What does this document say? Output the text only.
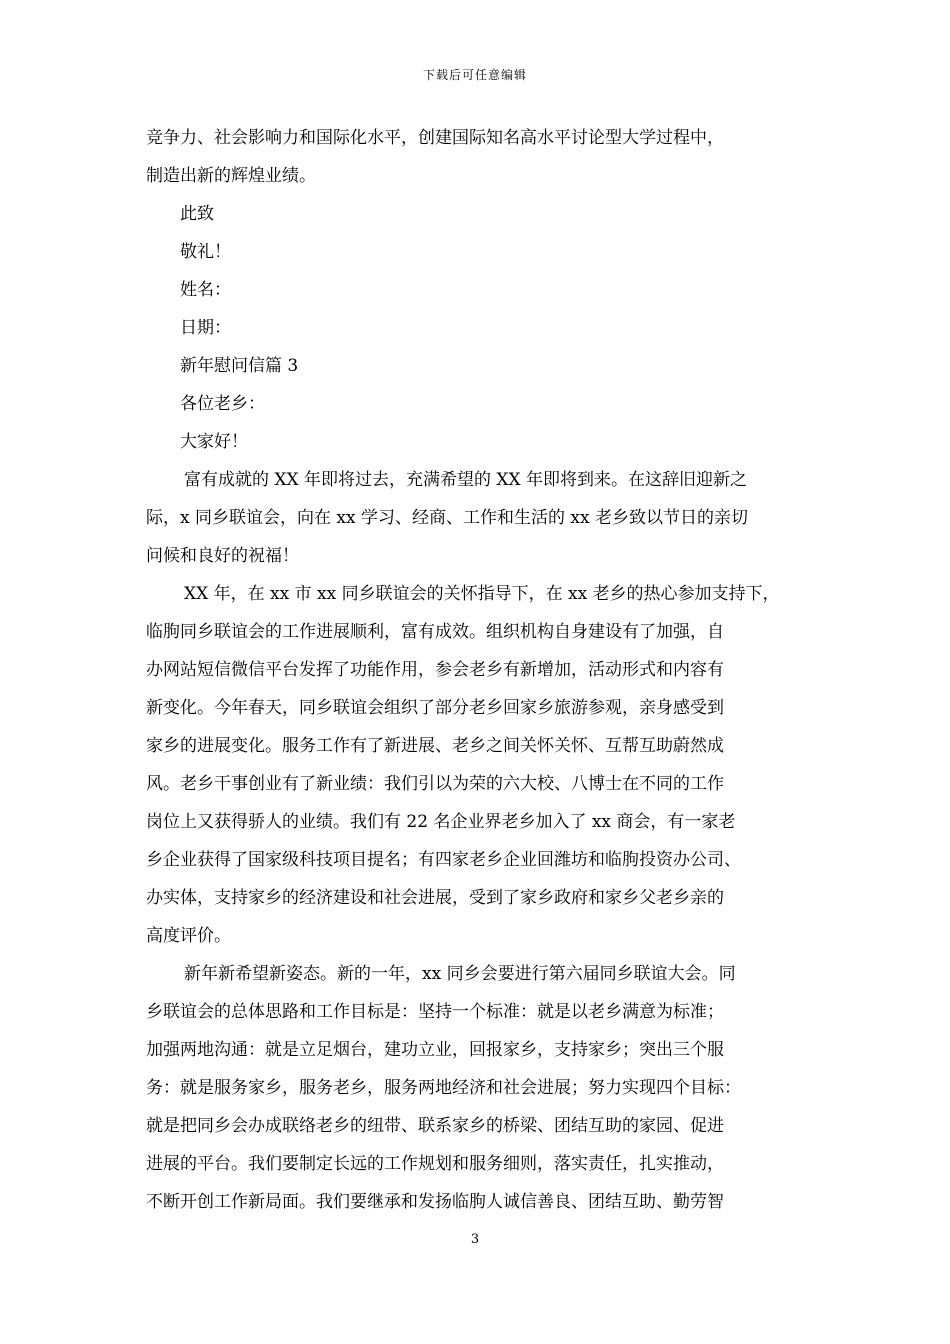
下载后可任意编辑
竞争力、社会影响力和国际化水平，创建国际知名高水平讨论型大学过程中，
制造出新的辉煌业绩。
此致
敬礼！
姓名：
日期：
新年慰问信篇 3
各位老乡：
大家好！
富有成就的 XX 年即将过去，充满希望的 XX 年即将到来。在这辞旧迎新之
际，x 同乡联谊会，向在 xx 学习、经商、工作和生活的 xx 老乡致以节日的亲切
问候和良好的祝福！
XX 年，在 xx 市 xx 同乡联谊会的关怀指导下，在 xx 老乡的热心参加支持下，
临朐同乡联谊会的工作进展顺利，富有成效。组织机构自身建设有了加强，自
办网站短信微信平台发挥了功能作用，参会老乡有新增加，活动形式和内容有
新变化。今年春天，同乡联谊会组织了部分老乡回家乡旅游参观，亲身感受到
家乡的进展变化。服务工作有了新进展、老乡之间关怀关怀、互帮互助蔚然成
风。老乡干事创业有了新业绩：我们引以为荣的六大校、八博士在不同的工作
岗位上又获得骄人的业绩。我们有 22 名企业界老乡加入了 xx 商会，有一家老
乡企业获得了国家级科技项目提名；有四家老乡企业回潍坊和临朐投资办公司、
办实体，支持家乡的经济建设和社会进展，受到了家乡政府和家乡父老乡亲的
高度评价。
新年新希望新姿态。新的一年，xx 同乡会要进行第六届同乡联谊大会。同
乡联谊会的总体思路和工作目标是：坚持一个标准：就是以老乡满意为标准；
加强两地沟通：就是立足烟台，建功立业，回报家乡，支持家乡；突出三个服
务：就是服务家乡，服务老乡，服务两地经济和社会进展；努力实现四个目标：
就是把同乡会办成联络老乡的纽带、联系家乡的桥梁、团结互助的家园、促进
进展的平台。我们要制定长远的工作规划和服务细则，落实责任，扎实推动，
不断开创工作新局面。我们要继承和发扬临朐人诚信善良、团结互助、勤劳智
3
